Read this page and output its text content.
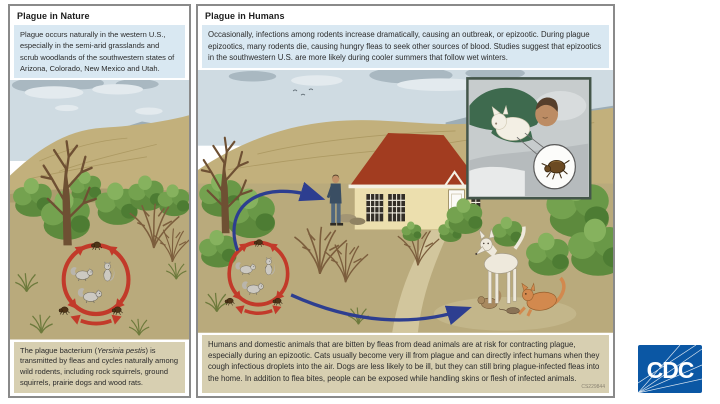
Plague in Nature
Plague occurs naturally in the western U.S., especially in the semi-arid grasslands and scrub woodlands of the southwestern states of Arizona, Colorado, New Mexico and Utah.
The plague bacterium (Yersinia pestis) is transmitted by fleas and cycles naturally among wild rodents, including rock squirrels, ground squirrels, prairie dogs and wood rats.
Plague in Humans
Occasionally, infections among rodents increase dramatically, causing an outbreak, or epizootic. During plague epizootics, many rodents die, causing hungry fleas to seek other sources of blood. Studies suggest that epizootics in the southwestern U.S. are more likely during cooler summers that follow wet winters.
Humans and domestic animals that are bitten by fleas from dead animals are at risk for contracting plague, especially during an epizootic. Cats usually become very ill from plague and can directly infect humans when they cough infectious droplets into the air. Dogs are less likely to be ill, but they can still bring plague-infected fleas into the home. In addition to flea bites, people can be exposed while handling skins or flesh of infected animals.
CS229844
CDC
